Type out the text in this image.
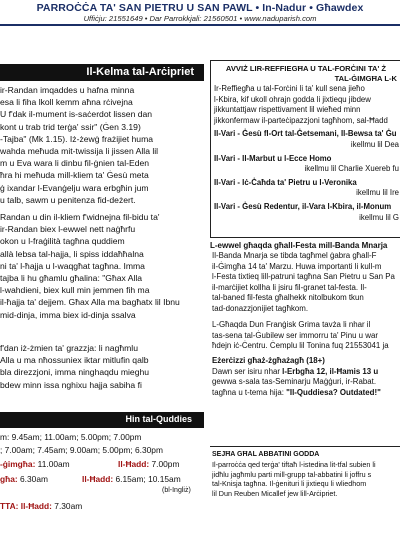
PARROĊĊA TA' SAN PIETRU U SAN PAWL • In-Nadur • Għawdex
Uffiċju: 21551649 • Dar Parrokkjali: 21560501 • www.naduparish.com
Il-Kelma tal-Arċipriet
ir-Randan imqaddes u hafna minna
esa li fiha lkoll kemm aħna rċivejna
U f'dak il-mument is-saċerdot lissen dan
kont u trab trid terġa' ssir" (Ġen 3.19)
-Tajba" (Mk 1.15). Iż-żewġ frażijiet huma
wahda meħuda mit-twissija li jissen Alla lil
m u Eva wara li dinbu fil-ġnien tal-Eden
ħra hi meħuda mill-kliem ta' Ġesù meta
ġ ixandar l-Evanġelju wara erbgħin jum
u talb, sawm u penitenza fid-deżert.
Randan u din il-kliem f'widnejna fil-bidu ta'
ir-Randan biex l-ewwel nett naġħrfu
okon u l-fraġilità tagħna quddiem
allà lebsa tal-hajja, li spiss iddaħħalna
ni ta' l-ħajja u l-waqgħat tagħna. Imma
tajba li hu għamlu għalina: "Għax Alla
l-wahdieni, biex kull min jemmen fih ma
il-ħajja ta' dejjem. Għax Alla ma bagħatx lil Ibnu
mid-dinja, imma biex id-dinja ssalva
f'dan iż-żmien ta' grazzja: li nagħmlu
Alla u ma nħossuniex iktar mitlufin qalb
bla direzzjoni, imma ninghaqdu mieghu
bdew minn issa nghixu hajja sabiha fi
Hin tal-Quddies
m: 9.45am; 11.00am; 5.00pm; 7.00pm
; 7.00am; 7.45am; 9.00am; 5.00pm; 6.30pm
-ġimgħa: 11.00am	Il-Ħadd: 7.00pm
għa: 6.30am	Il-Ħadd: 6.15am; 10.15am
(bl-Ingliż)
TTA: Il-Ħadd: 7.30am
AVVIŻ LIR-REFFIEGĦA U TAL-FORĊINI TA' Ż
TAL-ĠIMGĦA L-K
Ir-Reffiegħa u tal-Forċini li ta' kull sena jieħo
l-Kbira, kif ukoll ohrajn godda li jixtiequ jibdew
jikkuntattjaw rispettivament lil wieħed minn
jikkonfermaw il-parteċipazzjoni tagħhom, sal-Ħadd
Il-Vari - Ġesù fl-Ort tal-Ġetsemani, Il-Bewsa ta' Ġu
ikellmu lil Dea
Il-Vari - Il-Marbut u l-Ecce Homo
ikellmu lil Charlie Xuereb fu
Il-Vari - Iċ-Ċaħda ta' Pietru u l-Veronika
ikellmu lil Ire
Il-Vari - Ġesù Redentur, il-Vara l-Kbira, il-Monum
ikellmu lil G
L-ewwel għaqda għall-Festa mill-Banda Mnarja
Il-Banda Mnarja se tibda tagħmel ġabra għall-F
il-Ġimgħa 14 ta' Marzu. Huwa importanti li kull-m
l-Festa tixtieq lill-patruni tagħna San Pietru u San Pa
il-marċijiet kollha li jsiru fil-granet tal-festa. Il-
tal-baned fil-festa għalhekk nitolbukom tkun
tad-donazzjonijiet tagħkom.
L-Għaqda Dun Franġisk Grima tavża li nhar il
tas-sena tal-Ġubilew ser immorru ta' Pinu u war
ħdejn iċ-Ċentru. Ċemplu lil Tonina fuq 21553041 ja
Eżerċizzi għaż-żgħażagħ (18+)
Dawn ser isiru nhar l-Erbgħa 12, il-Ħamis 13 u
gewwa s-sala tas-Seminarju Maġġuri, ir-Rabat.
tagħna u t-tema hija: "Il-Quddiesa? Outdated!"
SEJĦA GĦAL ABBATINI GODDA
Il-parroċċa qed terġa' tiftaħ l-istedina lit-tfal subien li
jidħlu jagħmlu parti mill-grupp tal-abbatini li joffru s
tal-Knisja tagħna. Il-ġenituri li jixtiequ li wliedhom
lil Dun Reuben Micallef jew lill-Arċipriet.
